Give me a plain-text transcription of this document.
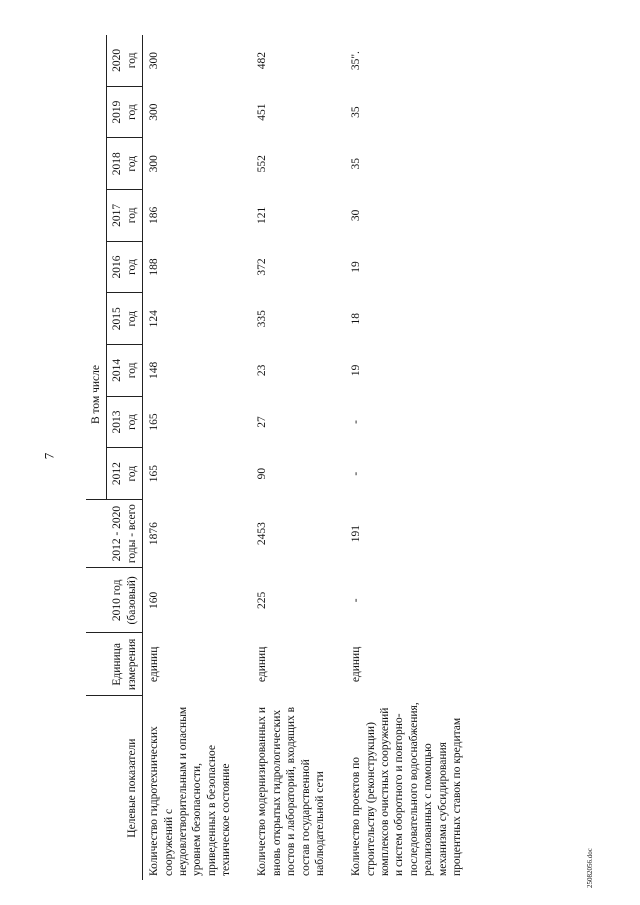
7
Целевые показатели	Единица измерения	2010 год (базовый)	2012 - 2020 годы - всего	В том числе								
				2012 год	2013 год	2014 год	2015 год	2016 год	2017 год	2018 год	2019 год	2020 год
Количество гидротехнических сооружений с неудовлетворительным и опасным уровнем безопасности, приведенных в безопасное техническое состояние	единиц	160	1876	165	165	148	124	188	186	300	300	300
Количество модернизированных и вновь открытых гидрологических постов и лабораторий, входящих в состав государственной наблюдательной сети	единиц	225	2453	90	27	23	335	372	121	552	451	482
Количество проектов по строительству (реконструкции) комплексов очистных сооружений и систем оборотного и повторно-последовательного водоснабжения, реализованных с помощью механизма субсидирования процентных ставок по кредитам	единиц	-	191	-	-	19	18	19	30	35	35	35".
25082056.doc
